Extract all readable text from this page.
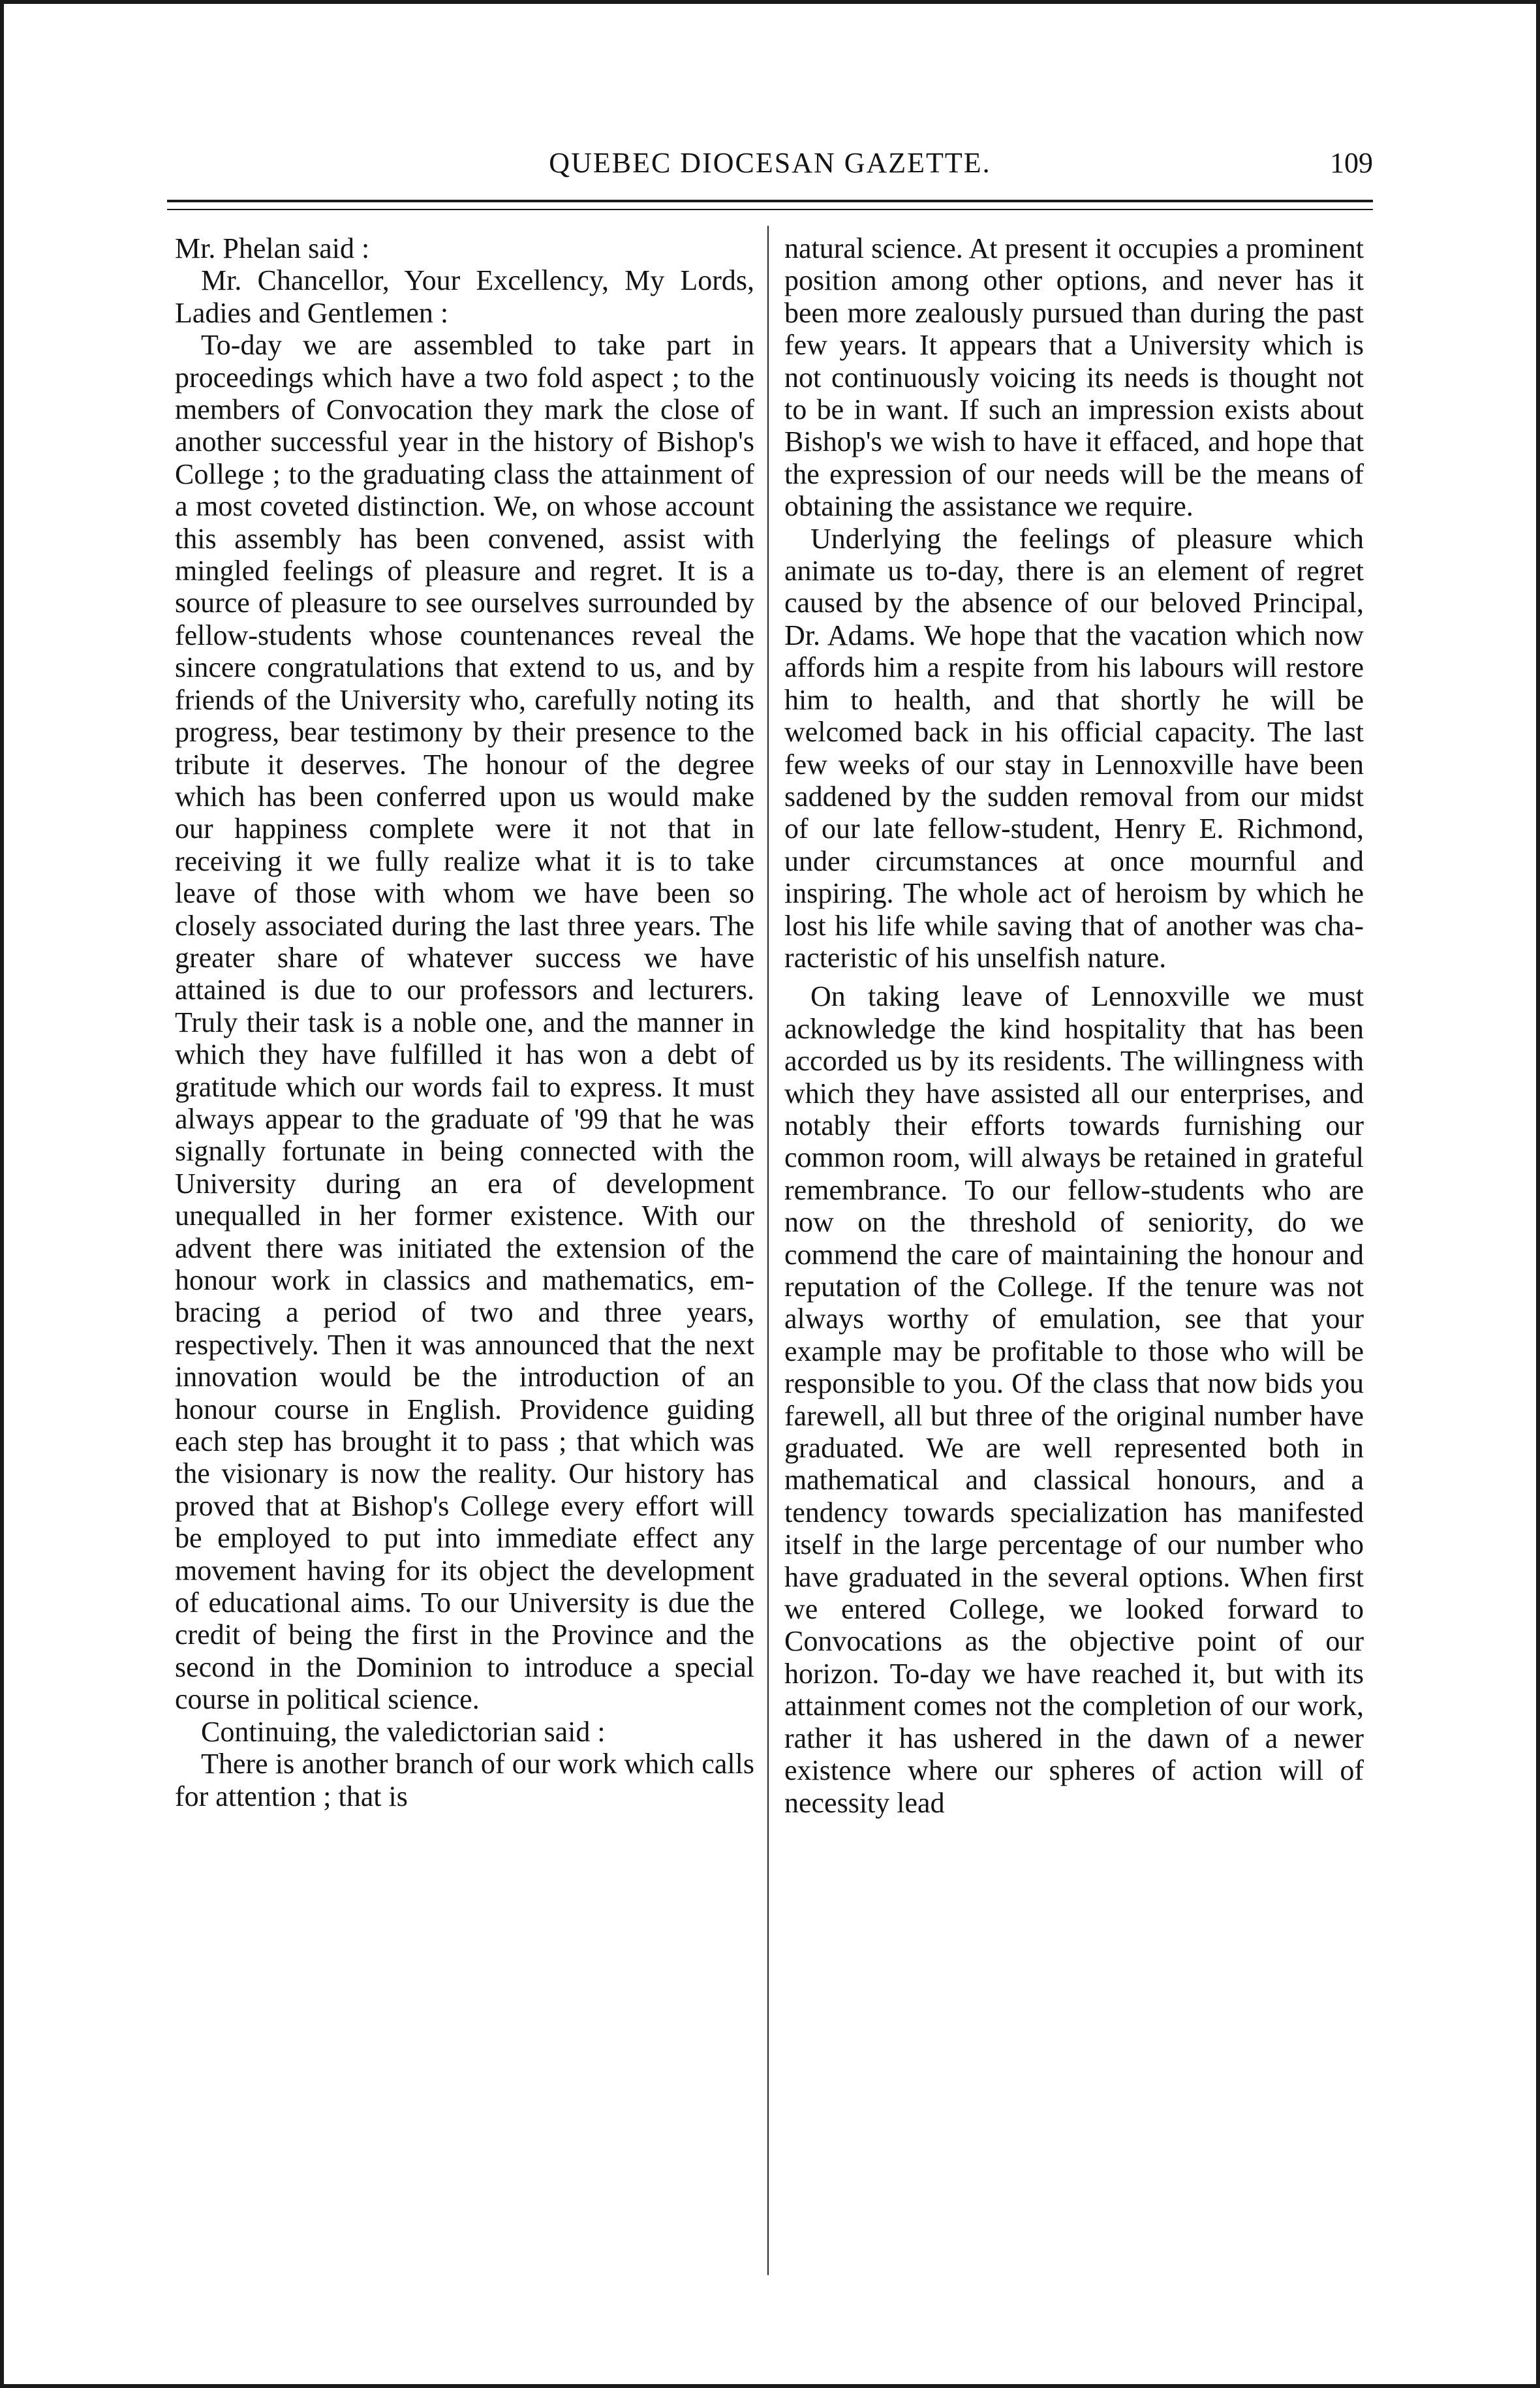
QUEBEC DIOCESAN GAZETTE.	109

Mr. Phelan said :

Mr. Chancellor, Your Excellency, My Lords, Ladies and Gentlemen :

To-day we are assembled to take part in proceedings which have a two fold aspect ; to the members of Convocation they mark the close of another successful year in the history of Bishop's College ; to the graduating class the attainment of a most coveted distinction. We, on whose account this assembly has been convened, assist with mingled feelings of pleasure and regret. It is a source of pleasure to see ourselves surrounded by fellow-students whose countenances reveal the sincere congratulations that extend to us, and by friends of the University who, carefully noting its progress, bear testimony by their presence to the tribute it deserves. The honour of the degree which has been conferred upon us would make our happiness complete were it not that in receiving it we fully realize what it is to take leave of those with whom we have been so closely associated during the last three years. The greater share of whatever success we have attained is due to our professors and lecturers. Truly their task is a noble one, and the manner in which they have fulfilled it has won a debt of gratitude which our words fail to express. It must always appear to the graduate of '99 that he was signally fortunate in being connected with the University during an era of development unequalled in her former existence. With our advent there was initiated the extension of the honour work in classics and mathematics, embracing a period of two and three years, respectively. Then it was announced that the next innovation would be the introduction of an honour course in English. Providence guiding each step has brought it to pass ; that which was the visionary is now the reality. Our history has proved that at Bishop's College every effort will be employed to put into immediate effect any movement having for its object the development of educational aims. To our University is due the credit of being the first in the Province and the second in the Dominion to introduce a special course in political science.

Continuing, the valedictorian said :

There is another branch of our work which calls for attention ; that is

natural science. At present it occupies a prominent position among other options, and never has it been more zealously pursued than during the past few years. It appears that a University which is not continuously voicing its needs is thought not to be in want. If such an impression exists about Bishop's we wish to have it effaced, and hope that the expression of our needs will be the means of obtaining the assistance we require.

Underlying the feelings of pleasure which animate us to-day, there is an element of regret caused by the absence of our beloved Principal, Dr. Adams. We hope that the vacation which now affords him a respite from his labours will restore him to health, and that shortly he will be welcomed back in his official capacity. The last few weeks of our stay in Lennoxville have been saddened by the sudden removal from our midst of our late fellow-student, Henry E. Richmond, under circumstances at once mournful and inspiring. The whole act of heroism by which he lost his life while saving that of another was characteristic of his unselfish nature.

On taking leave of Lennoxville we must acknowledge the kind hospitality that has been accorded us by its residents. The willingness with which they have assisted all our enterprises, and notably their efforts towards furnishing our common room, will always be retained in grateful remembrance. To our fellow-students who are now on the threshold of seniority, do we commend the care of maintaining the honour and reputation of the College. If the tenure was not always worthy of emulation, see that your example may be profitable to those who will be responsible to you. Of the class that now bids you farewell, all but three of the original number have graduated. We are well represented both in mathematical and classical honours, and a tendency towards specialization has manifested itself in the large percentage of our number who have graduated in the several options. When first we entered College, we looked forward to Convocations as the objective point of our horizon. To-day we have reached it, but with its attainment comes not the completion of our work, rather it has ushered in the dawn of a newer existence where our spheres of action will of necessity lead
